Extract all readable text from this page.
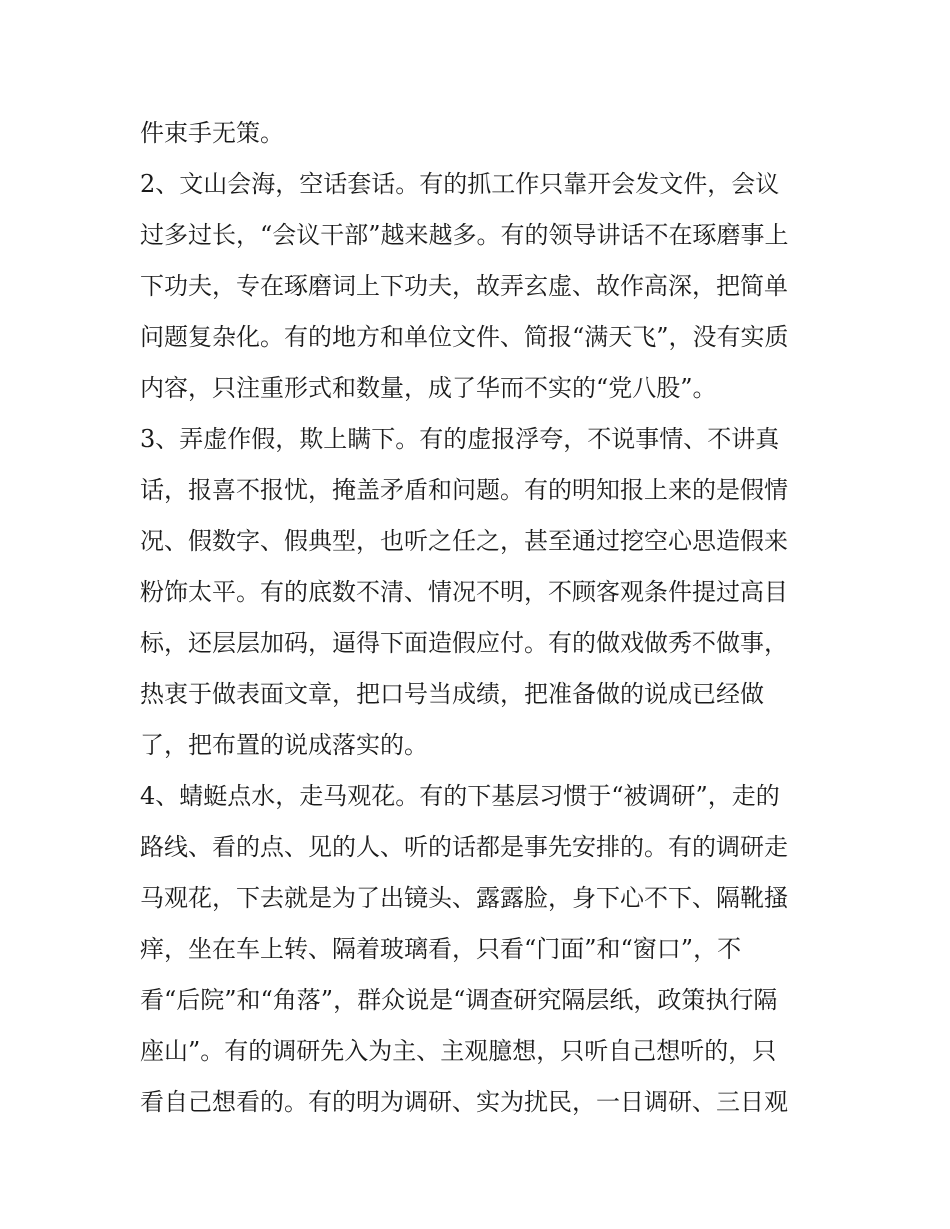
件束手无策。
2、文山会海，空话套话。有的抓工作只靠开会发文件，会议
过多过长，“会议干部”越来越多。有的领导讲话不在琢磨事上
下功夫，专在琢磨词上下功夫，故弄玄虚、故作高深，把简单
问题复杂化。有的地方和单位文件、简报“满天飞”，没有实质
内容，只注重形式和数量，成了华而不实的“党八股”。
3、弄虚作假，欺上瞒下。有的虚报浮夸，不说事情、不讲真
话，报喜不报忧，掩盖矛盾和问题。有的明知报上来的是假情
况、假数字、假典型，也听之任之，甚至通过挖空心思造假来
粉饰太平。有的底数不清、情况不明，不顾客观条件提过高目
标，还层层加码，逼得下面造假应付。有的做戏做秀不做事，
热衷于做表面文章，把口号当成绩，把准备做的说成已经做
了，把布置的说成落实的。
4、蜻蜓点水，走马观花。有的下基层习惯于“被调研”，走的
路线、看的点、见的人、听的话都是事先安排的。有的调研走
马观花，下去就是为了出镜头、露露脸，身下心不下、隔靴搔
痒，坐在车上转、隔着玻璃看，只看“门面”和“窗口”，不
看“后院”和“角落”，群众说是“调查研究隔层纸，政策执行隔
座山”。有的调研先入为主、主观臆想，只听自己想听的，只
看自己想看的。有的明为调研、实为扰民，一日调研、三日观
